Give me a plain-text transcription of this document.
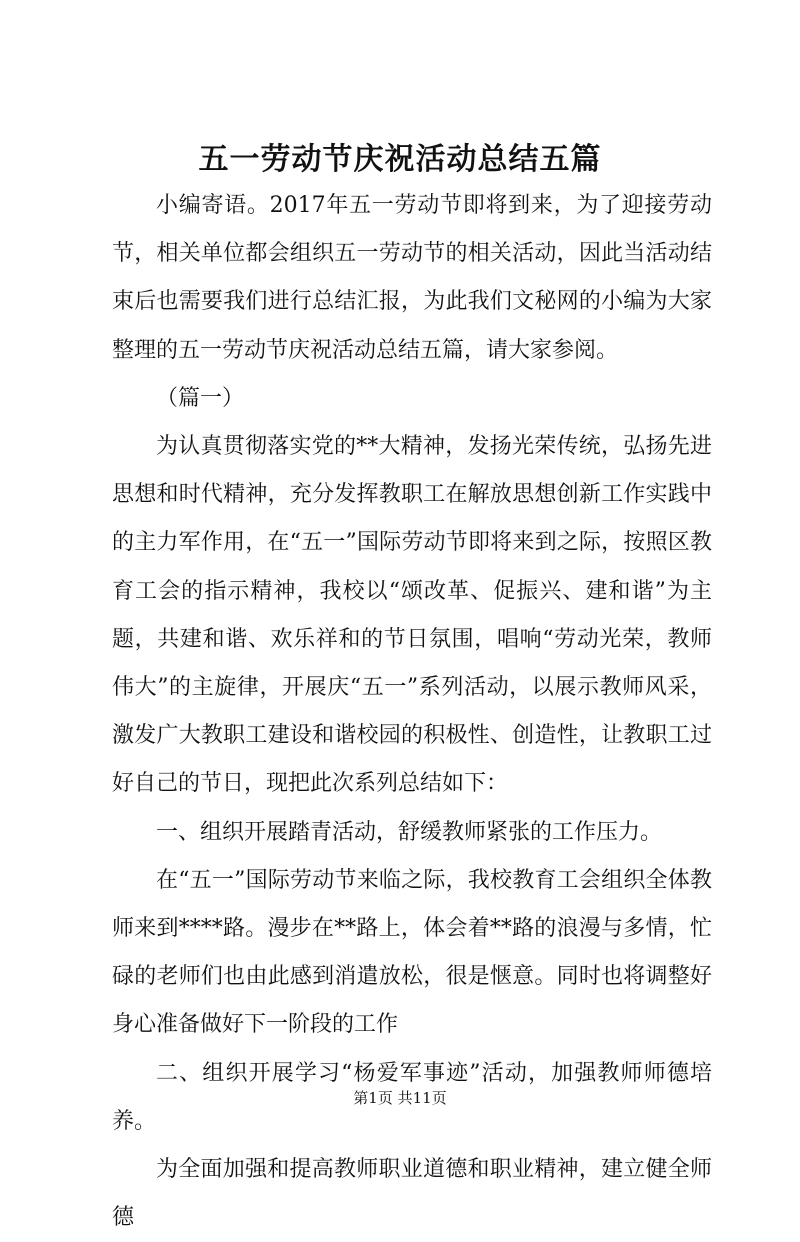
五一劳动节庆祝活动总结五篇

小编寄语。2017年五一劳动节即将到来，为了迎接劳动节，相关单位都会组织五一劳动节的相关活动，因此当活动结束后也需要我们进行总结汇报，为此我们文秘网的小编为大家整理的五一劳动节庆祝活动总结五篇，请大家参阅。

（篇一）

为认真贯彻落实党的**大精神，发扬光荣传统，弘扬先进思想和时代精神，充分发挥教职工在解放思想创新工作实践中的主力军作用，在“五一”国际劳动节即将来到之际，按照区教育工会的指示精神，我校以“颂改革、促振兴、建和谐”为主题，共建和谐、欢乐祥和的节日氛围，唱响“劳动光荣，教师伟大”的主旋律，开展庆“五一”系列活动，以展示教师风采，激发广大教职工建设和谐校园的积极性、创造性，让教职工过好自己的节日，现把此次系列总结如下：

一、组织开展踏青活动，舒缓教师紧张的工作压力。

在“五一”国际劳动节来临之际，我校教育工会组织全体教师来到****路。漫步在**路上，体会着**路的浪漫与多情，忙碌的老师们也由此感到消遣放松，很是惬意。同时也将调整好身心准备做好下一阶段的工作

二、组织开展学习“杨爱军事迹”活动，加强教师师德培养。

为全面加强和提高教师职业道德和职业精神，建立健全师德

第1页 共11页
